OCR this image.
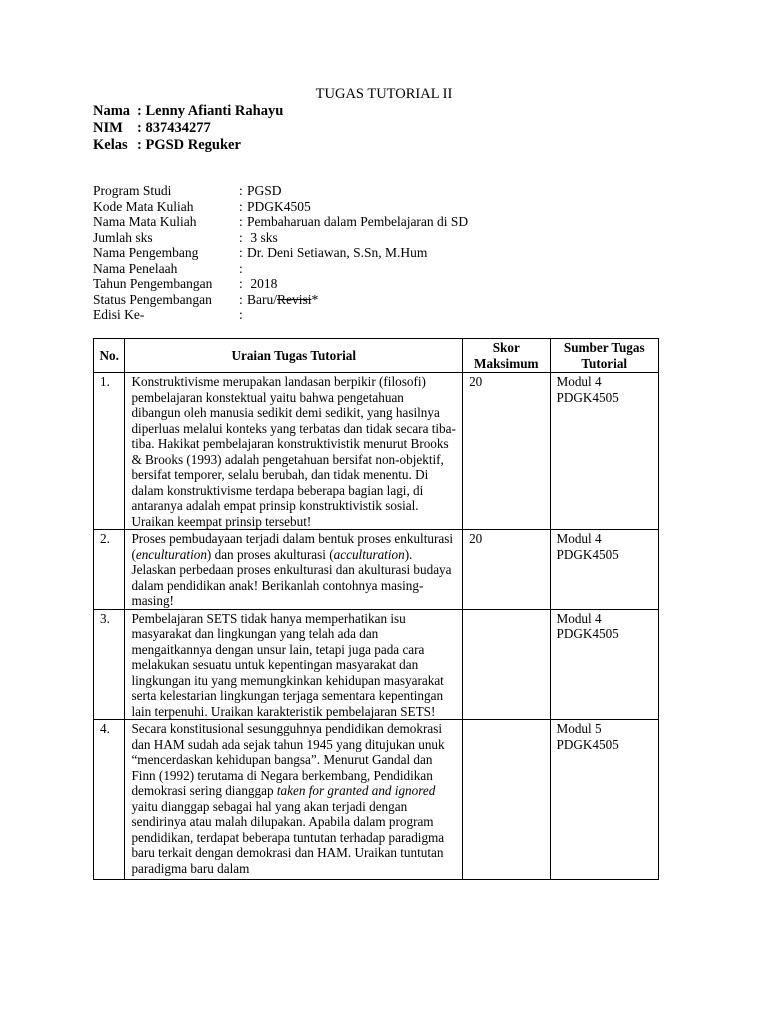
TUGAS TUTORIAL II
Nama : Lenny Afianti Rahayu
NIM : 837434277
Kelas : PGSD Reguker
Program Studi	: PGSD
Kode Mata Kuliah	: PDGK4505
Nama Mata Kuliah	: Pembaharuan dalam Pembelajaran di SD
Jumlah sks	: 3 sks
Nama Pengembang	: Dr. Deni Setiawan, S.Sn, M.Hum
Nama Penelaah	:
Tahun Pengembangan : 2018
Status Pengembangan : Baru/Revisi*
Edisi Ke-	:
No.	Uraian Tugas Tutorial	Skor Maksimum	Sumber Tugas Tutorial
1.	Konstruktivisme merupakan landasan berpikir (filosofi) pembelajaran konstektual yaitu bahwa pengetahuan dibangun oleh manusia sedikit demi sedikit, yang hasilnya diperluas melalui konteks yang terbatas dan tidak secara tiba-tiba. Hakikat pembelajaran konstruktivistik menurut Brooks & Brooks (1993) adalah pengetahuan bersifat non-objektif, bersifat temporer, selalu berubah, dan tidak menentu. Di dalam konstruktivisme terdapa beberapa bagian lagi, di antaranya adalah empat prinsip konstruktivistik sosial. Uraikan keempat prinsip tersebut!	20	Modul 4
PDGK4505

2.	Proses pembudayaan terjadi dalam bentuk proses enkulturasi (enculturation) dan proses akulturasi (acculturation). Jelaskan perbedaan proses enkulturasi dan akulturasi budaya dalam pendidikan anak! Berikanlah contohnya masing-masing!	20	Modul 4
PDGK4505

3.	Pembelajaran SETS tidak hanya memperhatikan isu masyarakat dan lingkungan yang telah ada dan mengaitkannya dengan unsur lain, tetapi juga pada cara melakukan sesuatu untuk kepentingan masyarakat dan lingkungan itu yang memungkinkan kehidupan masyarakat serta kelestarian lingkungan terjaga sementara kepentingan lain terpenuhi. Uraikan karakteristik pembelajaran SETS!		Modul 4
PDGK4505

4.	Secara konstitusional sesungguhnya pendidikan demokrasi dan HAM sudah ada sejak tahun 1945 yang ditujukan unuk “mencerdaskan kehidupan bangsa”. Menurut Gandal dan Finn (1992) terutama di Negara berkembang, Pendidikan demokrasi sering dianggap taken for granted and ignored yaitu dianggap sebagai hal yang akan terjadi dengan sendirinya atau malah dilupakan. Apabila dalam program pendidikan, terdapat beberapa tuntutan terhadap paradigma baru terkait dengan demokrasi dan HAM. Uraikan tuntutan paradigma baru dalam		Modul 5
PDGK4505
